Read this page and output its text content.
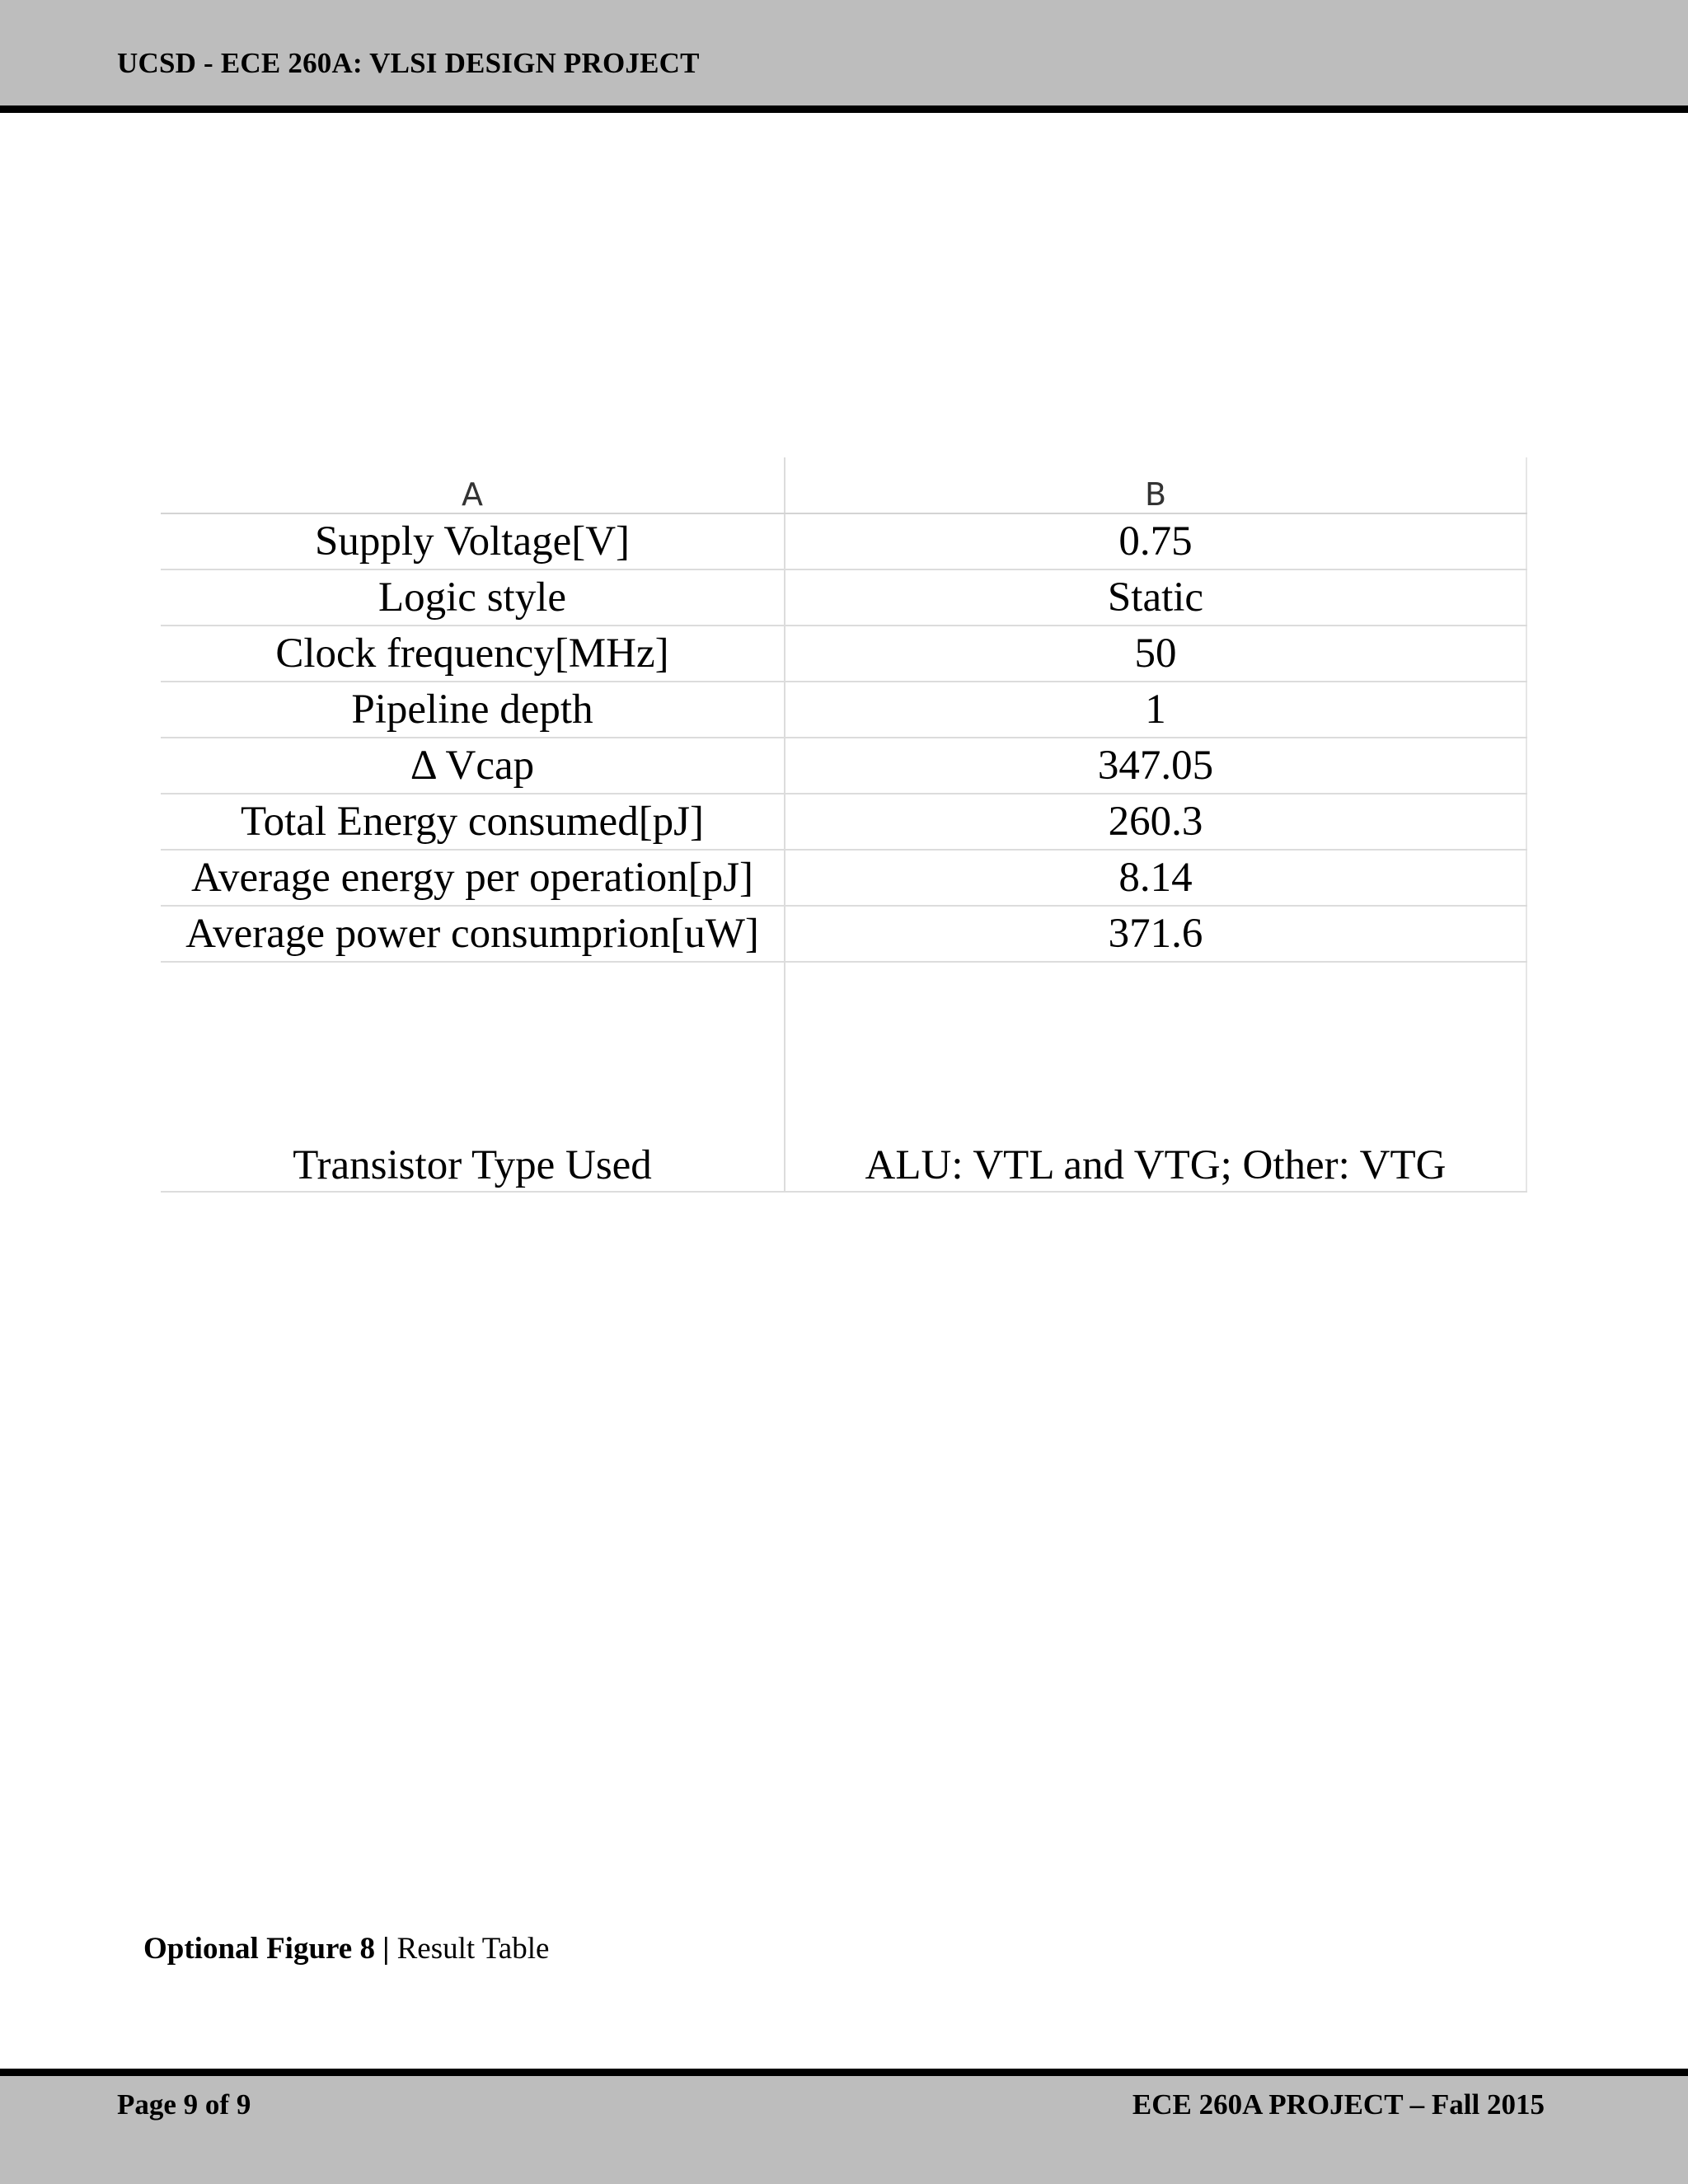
UCSD - ECE 260A: VLSI DESIGN PROJECT
A	B
Supply Voltage[V]	0.75
Logic style	Static
Clock frequency[MHz]	50
Pipeline depth	1
Δ Vcap	347.05
Total Energy consumed[pJ]	260.3
Average energy per operation[pJ]	8.14
Average power consumprion[uW]	371.6
Transistor Type Used	ALU: VTL and VTG; Other: VTG
Optional Figure 8 | Result Table
Page 9 of 9	ECE 260A PROJECT – Fall 2015
